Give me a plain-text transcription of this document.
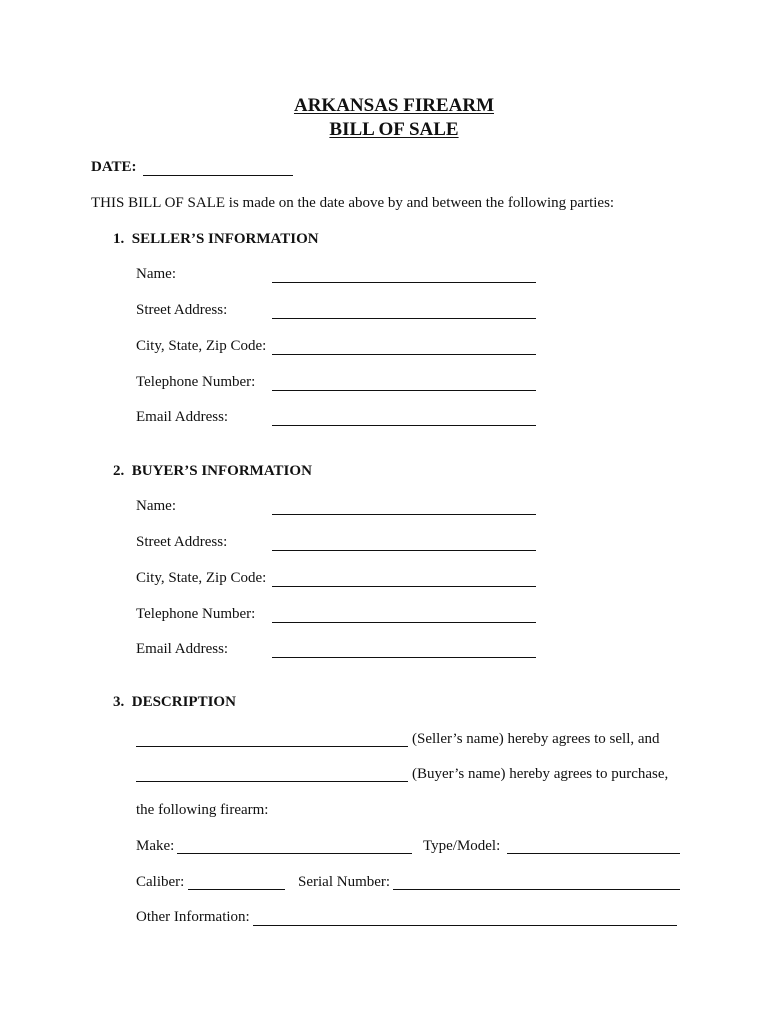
ARKANSAS FIREARM
BILL OF SALE
DATE:
THIS BILL OF SALE is made on the date above by and between the following parties:
1. SELLER’S INFORMATION
Name:
Street Address:
City, State, Zip Code:
Telephone Number:
Email Address:
2. BUYER’S INFORMATION
Name:
Street Address:
City, State, Zip Code:
Telephone Number:
Email Address:
3. DESCRIPTION
(Seller’s name) hereby agrees to sell, and
(Buyer’s name) hereby agrees to purchase,
the following firearm:
Make:	Type/Model:
Caliber:	Serial Number:
Other Information:
